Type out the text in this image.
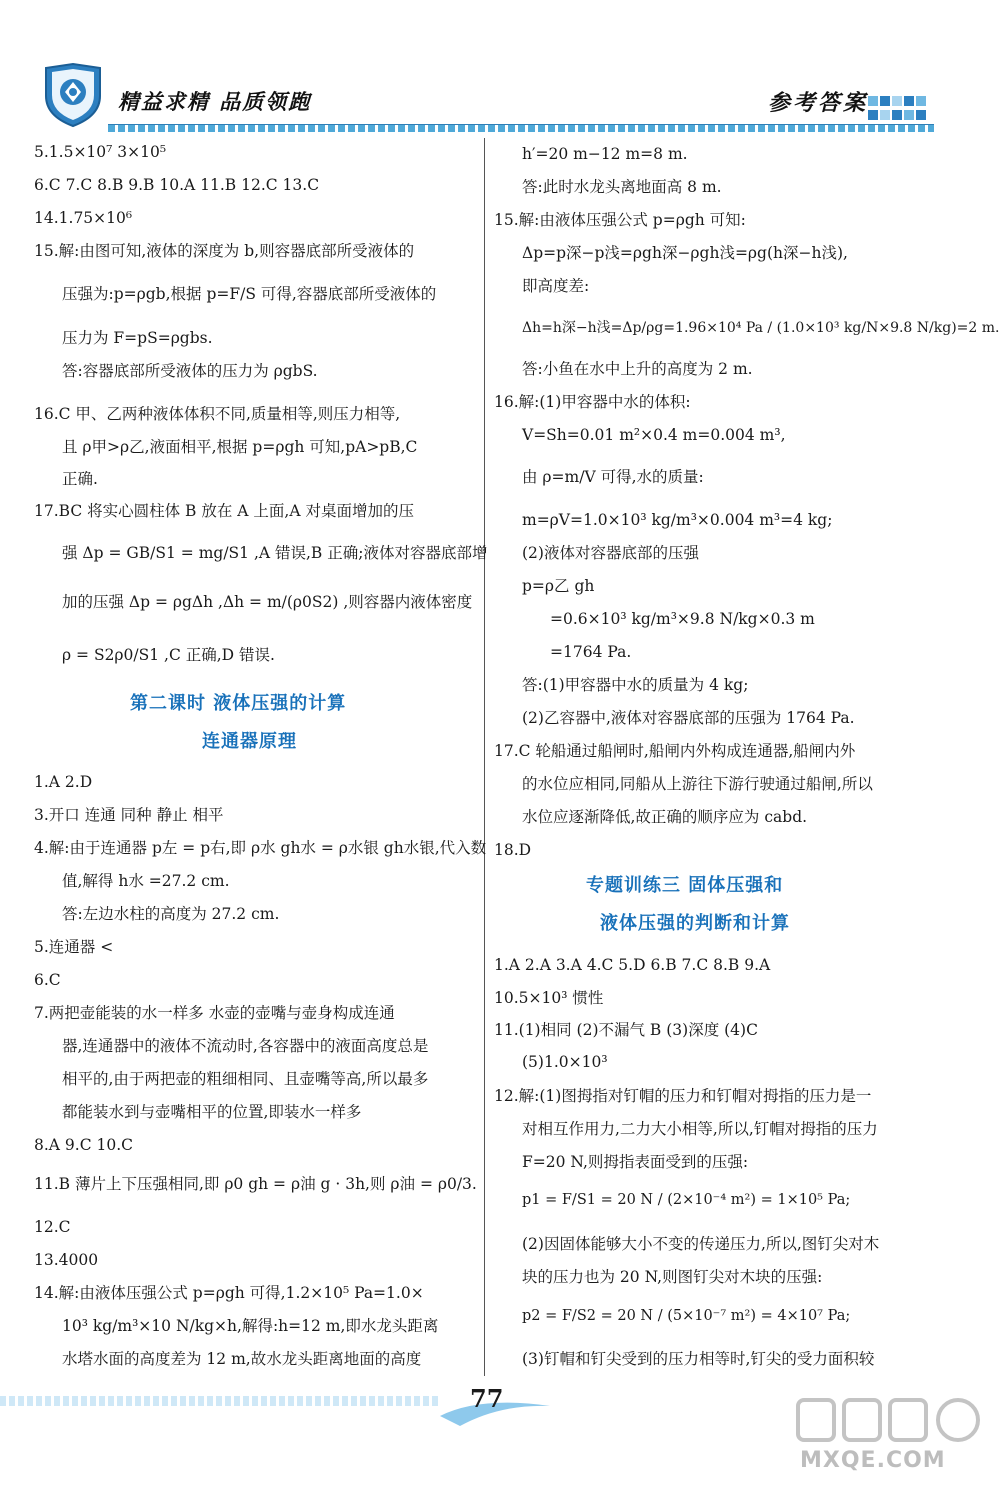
精益求精 品质领跑	参考答案
5.1.5×10⁷ 3×10⁵
6.C 7.C 8.B 9.B 10.A 11.B 12.C 13.C
14.1.75×10⁶
15.解:由图可知,液体的深度为 b,则容器底部所受液体的
压强为:p=ρgb,根据 p=F/S 可得,容器底部所受液体的
压力为 F=pS=ρgbs.
答:容器底部所受液体的压力为 ρgbS.
16.C 甲、乙两种液体体积不同,质量相等,则压力相等,
且 ρ甲>ρ乙,液面相平,根据 p=ρgh 可知,pA>pB,C
正确.
17.BC 将实心圆柱体 B 放在 A 上面,A 对桌面增加的压
强 Δp = GB/S1 = mg/S1 ,A 错误,B 正确;液体对容器底部增
加的压强 Δp = ρgΔh ,Δh = m/(ρ0S2) ,则容器内液体密度
ρ = S2ρ0/S1 ,C 正确,D 错误.
第二课时 液体压强的计算
连通器原理
1.A 2.D
3.开口 连通 同种 静止 相平
4.解:由于连通器 p左 = p右,即 ρ水 gh水 = ρ水银 gh水银,代入数
值,解得 h水 =27.2 cm.
答:左边水柱的高度为 27.2 cm.
5.连通器 <
6.C
7.两把壶能装的水一样多 水壶的壶嘴与壶身构成连通
器,连通器中的液体不流动时,各容器中的液面高度总是
相平的,由于两把壶的粗细相同、且壶嘴等高,所以最多
都能装水到与壶嘴相平的位置,即装水一样多
8.A 9.C 10.C
11.B 薄片上下压强相同,即 ρ0 gh = ρ油 g · 3h,则 ρ油 = ρ0/3.
12.C
13.4000
14.解:由液体压强公式 p=ρgh 可得,1.2×10⁵ Pa=1.0×
10³ kg/m³×10 N/kg×h,解得:h=12 m,即水龙头距离
水塔水面的高度差为 12 m,故水龙头距离地面的高度
h′=20 m−12 m=8 m.
答:此时水龙头离地面高 8 m.
15.解:由液体压强公式 p=ρgh 可知:
Δp=p深−p浅=ρgh深−ρgh浅=ρg(h深−h浅),
即高度差:
Δh=h深−h浅=Δp/ρg=1.96×10⁴ Pa / (1.0×10³ kg/N×9.8 N/kg)=2 m.
答:小鱼在水中上升的高度为 2 m.
16.解:(1)甲容器中水的体积:
V=Sh=0.01 m²×0.4 m=0.004 m³,
由 ρ=m/V 可得,水的质量:
m=ρV=1.0×10³ kg/m³×0.004 m³=4 kg;
(2)液体对容器底部的压强
p=ρ乙 gh
=0.6×10³ kg/m³×9.8 N/kg×0.3 m
=1764 Pa.
答:(1)甲容器中水的质量为 4 kg;
(2)乙容器中,液体对容器底部的压强为 1764 Pa.
17.C 轮船通过船闸时,船闸内外构成连通器,船闸内外
的水位应相同,同船从上游往下游行驶通过船闸,所以
水位应逐渐降低,故正确的顺序应为 cabd.
18.D
专题训练三 固体压强和
液体压强的判断和计算
1.A 2.A 3.A 4.C 5.D 6.B 7.C 8.B 9.A
10.5×10³ 惯性
11.(1)相同 (2)不漏气 B (3)深度 (4)C
(5)1.0×10³
12.解:(1)图拇指对钉帽的压力和钉帽对拇指的压力是一
对相互作用力,二力大小相等,所以,钉帽对拇指的压力
F=20 N,则拇指表面受到的压强:
p1 = F/S1 = 20 N / (2×10⁻⁴ m²) = 1×10⁵ Pa;
(2)因固体能够大小不变的传递压力,所以,图钉尖对木
块的压力也为 20 N,则图钉尖对木块的压强:
p2 = F/S2 = 20 N / (5×10⁻⁷ m²) = 4×10⁷ Pa;
(3)钉帽和钉尖受到的压力相等时,钉尖的受力面积较
77
MXQE.COM
